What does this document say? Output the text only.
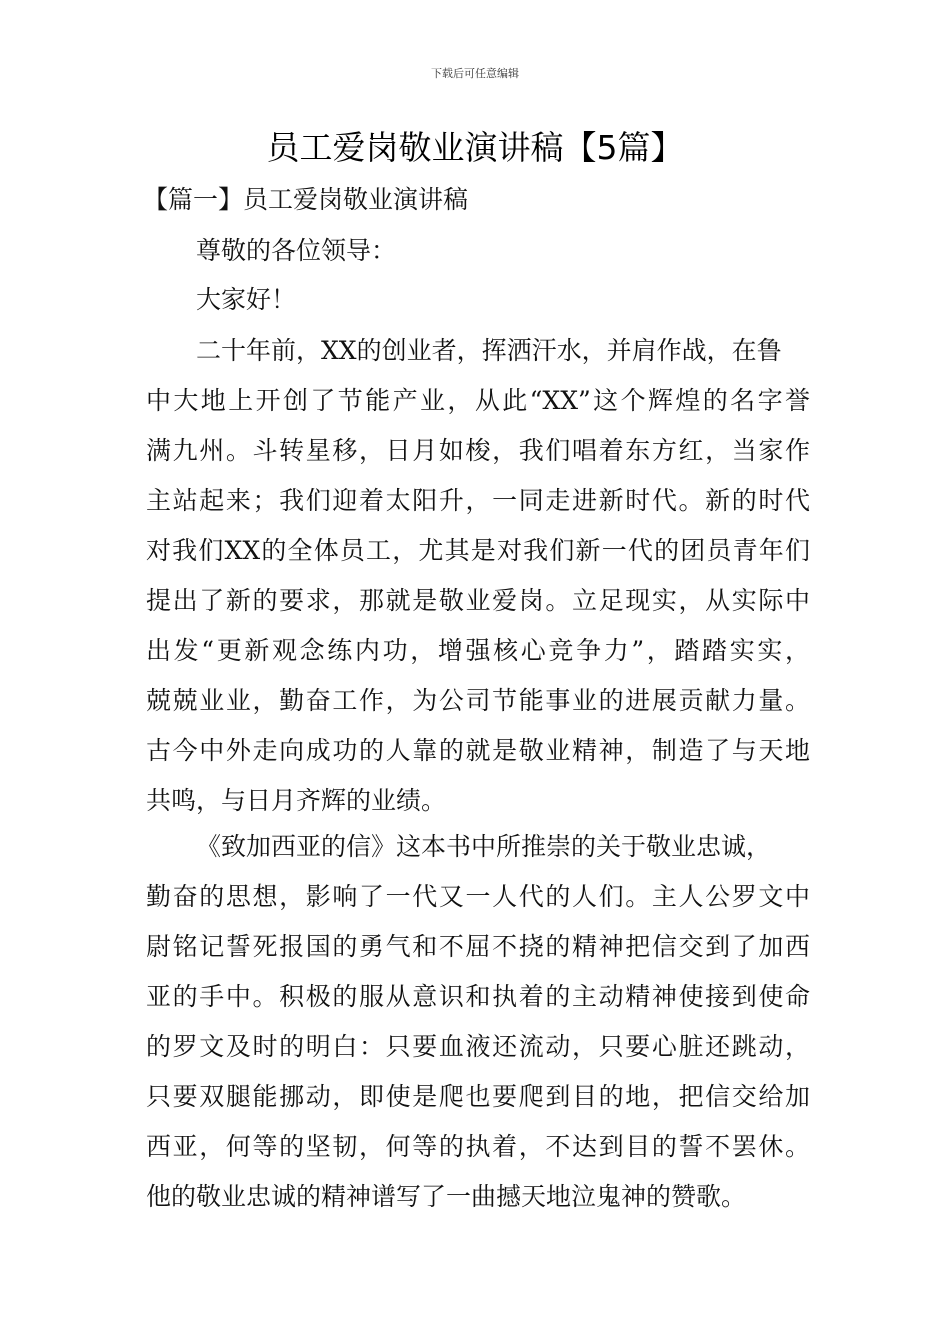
下载后可任意编辑
员工爱岗敬业演讲稿【5篇】
【篇一】员工爱岗敬业演讲稿

尊敬的各位领导：

大家好！

二十年前，XX的创业者，挥洒汗水，并肩作战，在鲁
中大地上开创了节能产业，从此“XX”这个辉煌的名字誉
满九州。斗转星移，日月如梭，我们唱着东方红，当家作
主站起来；我们迎着太阳升，一同走进新时代。新的时代
对我们XX的全体员工，尤其是对我们新一代的团员青年们
提出了新的要求，那就是敬业爱岗。立足现实，从实际中
出发“更新观念练内功，增强核心竞争力”，踏踏实实，
兢兢业业，勤奋工作，为公司节能事业的进展贡献力量。
古今中外走向成功的人靠的就是敬业精神，制造了与天地
共鸣，与日月齐辉的业绩。
《致加西亚的信》这本书中所推崇的关于敬业忠诚，
勤奋的思想，影响了一代又一人代的人们。主人公罗文中
尉铭记誓死报国的勇气和不屈不挠的精神把信交到了加西
亚的手中。积极的服从意识和执着的主动精神使接到使命
的罗文及时的明白：只要血液还流动，只要心脏还跳动，
只要双腿能挪动，即使是爬也要爬到目的地，把信交给加
西亚，何等的坚韧，何等的执着，不达到目的誓不罢休。
他的敬业忠诚的精神谱写了一曲撼天地泣鬼神的赞歌。
